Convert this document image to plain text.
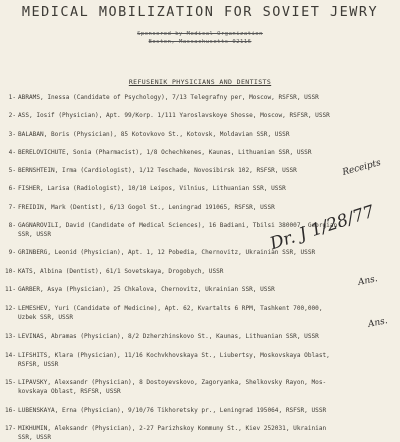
MEDICAL MOBILIZATION FOR SOVIET JEWRY
Sponsored by Medical Organization
Boston, Massachusetts 02116
REFUSENIK PHYSICIANS AND DENTISTS
1- ABRAMS, Inessa (Candidate of Psychology), 7/13 Telegrafny per, Moscow, RSFSR, USSR
2- ASS, Iosif (Physician), Apt. 99/Korp. 1/111 Yaroslavskoye Shosse, Moscow, RSFSR, USSR
3- BALABAN, Boris (Physician), 85 Kotovkovo St., Kotovsk, Moldavian SSR, USSR
4- BERELOVICHUTE, Sonia (Pharmacist), 1/8 Ochechkenes, Kaunas, Lithuanian SSR, USSR
5- BERNSHTEIN, Irma (Cardiologist), 1/12 Teschade, Novosibirsk 102, RSFSR, USSR
6- FISHER, Larisa (Radiologist), 10/10 Leipos, Vilnius, Lithuanian SSR, USSR
7- FREIDIN, Mark (Dentist), 6/13 Gogol St., Leningrad 191065, RSFSR, USSR
8- GAGNAROVILI, David (Candidate of Medical Sciences), 16 Badiani, Tbilsi 380007, Georgian
SSR, USSR
9- GRINBERG, Leonid (Physician), Apt. 1, 12 Pobedia, Chernovitz, Ukrainian SSR, USSR
10- KATS, Albina (Dentist), 61/1 Sovetskaya, Drogobych, USSR
11- GARBER, Asya (Physician), 25 Chkalova, Chernovitz, Ukrainian SSR, USSR
12- LEMESHEV, Yuri (Candidate of Medicine), Apt. 62, Kvartalts 6 RPM, Tashkent 700,000,
Uzbek SSR, USSR
13- LEVINAS, Abramas (Physician), 8/2 Dzherzhinskovo St., Kaunas, Lithuanian SSR, USSR
14- LIFSHITS, Klara (Physician), 11/16 Kochvkhovskaya St., Liubertsy, Moskovskaya Oblast,
RSFSR, USSR
15- LIPAVSKY, Alexsandr (Physician), 8 Dostoyevskovo, Zagoryanka, Shelkovsky Rayon, Mos-
kovskaya Oblast, RSFSR, USSR
16- LUBENSKAYA, Erna (Physician), 9/10/76 Tikhoretsky pr., Leningrad 195064, RSFSR, USSR
17- MIKHUMIN, Aleksandr (Physician), 2-27 Parizhskoy Kommuny St., Kiev 252031, Ukrainian
SSR, USSR
Dr. J 1/28/77
Receipts
Ans.
Ans.
